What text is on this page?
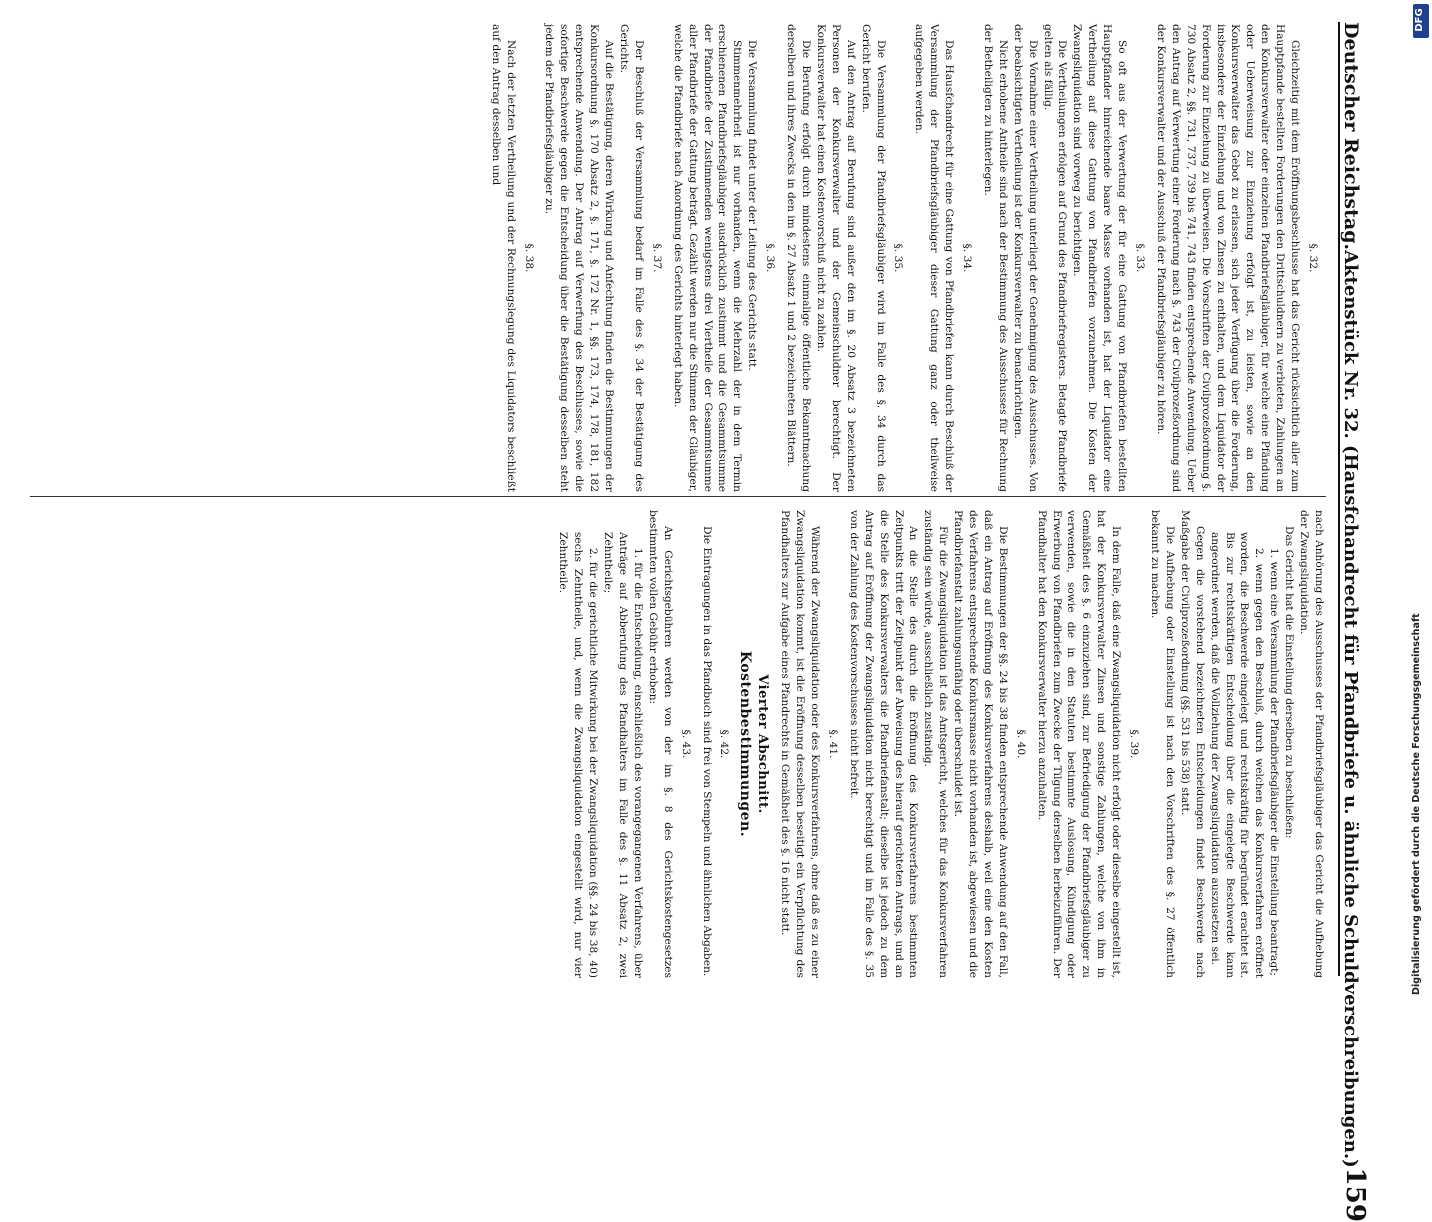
Deutscher Reichstag.
Aktenstück Nr. 32. (Hausfchandrecht für Pfandbriefe u. ähnliche Schuldverschreibungen.)
159
§. 32.

Gleichzeitig mit dem Eröffnungsbeschlusse hat das Gericht rücksichtlich aller zum Hauptpfande bestellten Forderungen den Drittschuldnern zu verbieten, Zahlungen an den Konkursverwalter oder einzelnen Pfandbriefsgläubiger, für welche eine Pfändung oder Ueberweisung zur Einziehung erfolgt ist, zu leisten, sowie an den Konkursverwalter das Gebot zu erlassen, sich jeder Verfügung über die Forderung, insbesondere der Einziehung und von Zinsen zu enthalten, und dem Liquidator der Forderung zur Einziehung zu überweisen. Die Vorschriften der Civilprozeßordnung §. 730 Absatz 2, §§. 731, 737, 739 bis 741, 743 finden entsprechende Anwendung. Ueber den Antrag auf Verwertung einer Forderung nach §. 743 der Civilprozeßordnung sind der Konkursverwalter und der Ausschuß der Pfandbriefsgläubiger zu hören.

§. 33.

So oft aus der Verwertung der für eine Gattung von Pfandbriefen bestellten Hauptpfänder hinreichende baare Masse vorhanden ist, hat der Liquidator eine Vertheilung auf diese Gattung von Pfandbriefen vorzunehmen. Die Kosten der Zwangsliquidation sind vorweg zu berichtigen.

Die Vertheilungen erfolgen auf Grund des Pfandbriefregisters. Betagte Pfandbriefe gelten als fällig.

Die Vornahme einer Vertheilung unterliegt der Genehmigung des Ausschusses. Von der beabsichtigten Vertheilung ist der Konkursverwalter zu benachrichtigen.

Nicht erhobene Antheile sind nach der Bestimmung des Ausschusses für Rechnung der Betheiligten zu hinterlegen.

§. 34.

Das Hausfchandrecht für eine Gattung von Pfandbriefen kann durch Beschluß der Versammlung der Pfandbriefsgläubiger dieser Gattung ganz oder theilweise aufgegeben werden.

§. 35.

Die Versammlung der Pfandbriefsgläubiger wird im Falle des §. 34 durch das Gericht berufen.

Auf den Antrag auf Berufung sind außer den im §. 20 Absatz 3 bezeichneten Personen der Konkursverwalter und der Gemeinschuldner berechtigt. Der Konkursverwalter hat einen Kostenvorschuß nicht zu zahlen.

Die Berufung erfolgt durch mindestens einmalige öffentliche Bekanntmachung derselben und ihres Zwecks in den im §. 27 Absatz 1 und 2 bezeichneten Blättern.

§. 36.

Die Versammlung findet unter der Leitung des Gerichts statt.

Stimmenmehrheit ist nur vorhanden, wenn die Mehrzahl der in dem Termin erschienenen Pfandbriefsgläubiger ausdrücklich zustimmt und die Gesammtsumme der Pfandbriefe der Zustimmenden wenigstens drei Viertheile der Gesammtsumme aller Pfandbriefe der Gattung beträgt. Gezählt werden nur die Stimmen der Gläubiger, welche die Pfandbriefe nach Anordnung des Gerichts hinterlegt haben.

§. 37.

Der Beschluß der Versammlung bedarf im Falle des §. 34 der Bestätigung des Gerichts.

Auf die Bestätigung, deren Wirkung und Anfechtung finden die Bestimmungen der Konkursordnung §. 170 Absatz 2, §. 171, §. 172 Nr. 1, §§. 173, 174, 178, 181, 182 entsprechende Anwendung. Der Antrag auf Verwerfung des Beschlusses, sowie die sofortige Beschwerde gegen die Entscheidung über die Bestätigung desselben steht jedem der Pfandbriefsgläubiger zu.

§. 38.

Nach der letzten Vertheilung und der Rechnungslegung des Liquidators beschließt auf den Antrag desselben und

nach Anhörung des Ausschusses der Pfandbriefsgläubiger das Gericht die Aufhebung der Zwangsliquidation.

Das Gericht hat die Einstellung derselben zu beschließen:

1. wenn eine Versammlung der Pfandbriefsgläubiger die Einstellung beantragt;

2. wenn gegen den Beschluß, durch welchen das Konkursverfahren eröffnet worden, die Beschwerde eingelegt und rechtskräftig für begründet erachtet ist. Bis zur rechtskräftigen Entscheidung über die eingelegte Beschwerde kann angeordnet werden, daß die Vollziehung der Zwangsliquidation auszusetzen sei.

Gegen die vorstehend bezeichneten Entscheidungen findet Beschwerde nach Maßgabe der Civilprozeßordnung (§§. 531 bis 538) statt.

Die Aufhebung oder Einstellung ist nach den Vorschriften des §. 27 öffentlich bekannt zu machen.

§. 39.

In dem Falle, daß eine Zwangsliquidation nicht erfolgt oder dieselbe eingestellt ist, hat der Konkursverwalter Zinsen und sonstige Zahlungen, welche von ihm in Gemäßheit des §. 6 einzuziehen sind, zur Befriedigung der Pfandbriefsgläubiger zu verwenden, sowie die in den Statuten bestimmte Auslosung, Kündigung oder Erwerbung von Pfandbriefen zum Zwecke der Tilgung derselben herbeizuführen. Der Pfandhalter hat den Konkursverwalter hierzu anzuhalten.

§. 40.

Die Bestimmungen der §§. 24 bis 38 finden entsprechende Anwendung auf den Fall, daß ein Antrag auf Eröffnung des Konkursverfahrens deshalb, weil eine den Kosten des Verfahrens entsprechende Konkursmasse nicht vorhanden ist, abgewiesen und die Pfandbriefanstalt zahlungsunfähig oder überschuldet ist.

Für die Zwangsliquidation ist das Amtsgericht, welches für das Konkursverfahren zuständig sein würde, ausschließlich zuständig.

An die Stelle des durch die Eröffnung des Konkursverfahrens bestimmten Zeitpunkts tritt der Zeitpunkt der Abweisung des hierauf gerichteten Antrags, und an die Stelle des Konkursverwalters die Pfandbriefanstalt; dieselbe ist jedoch zu dem Antrag auf Eröffnung der Zwangsliquidation nicht berechtigt und im Falle des §. 35 von der Zahlung des Kostenvorschusses nicht befreit.

§. 41.

Während der Zwangsliquidation oder des Konkursverfahrens, ohne daß es zu einer Zwangsliquidation kommt, ist die Eröffnung desselben beseitigt ein Verpflichtung des Pfandhalters zur Aufgabe eines Pfandrechts in Gemäßheit des §. 16 nicht statt.

Vierter Abschnitt.
Kostenbestimmungen.
§. 42.

Die Eintragungen in das Pfandbuch sind frei von Stempeln und ähnlichen Abgaben.

§. 43.

An Gerichtsgebühren werden von der im §. 8 des Gerichtskostengesetzes bestimmten vollen Gebühr erhoben:

1. für die Entscheidung, einschließlich des vorangegangenen Verfahrens, über Anträge auf Abberufung des Pfandhalters im Falle des §. 11 Absatz 2, zwei Zehntheile;

2. für die gerichtliche Mitwirkung bei der Zwangsliquidation (§§. 24 bis 38, 40) sechs Zehntheile, und, wenn die Zwangsliquidation eingestellt wird, nur vier Zehntheile.

Digitalisierung gefördert durch die Deutsche Forschungsgemeinschaft
DFG
